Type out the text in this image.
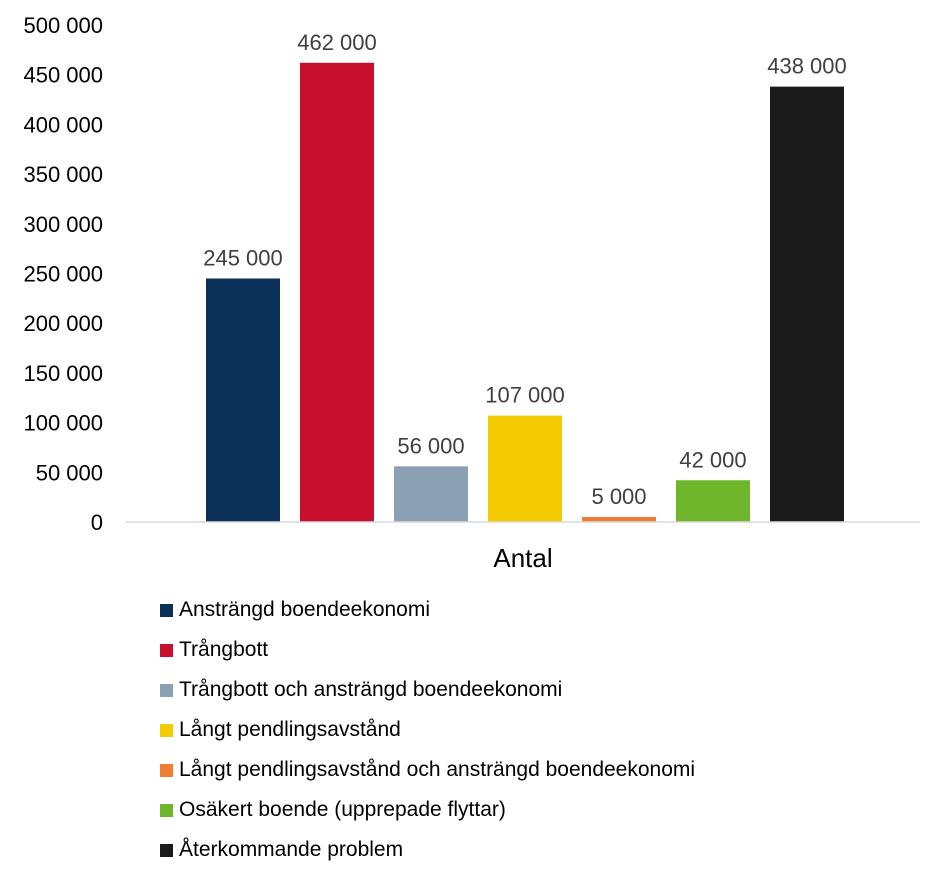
0
50 000
100 000
150 000
200 000
250 000
300 000
350 000
400 000
450 000
500 000
245 000
462 000
56 000
107 000
5 000
42 000
438 000
Antal
Ansträngd boendeekonomi
Trångbott
Trångbott och ansträngd boendeekonomi
Långt pendlingsavstånd
Långt pendlingsavstånd och ansträngd boendeekonomi
Osäkert boende (upprepade flyttar)
Återkommande problem
